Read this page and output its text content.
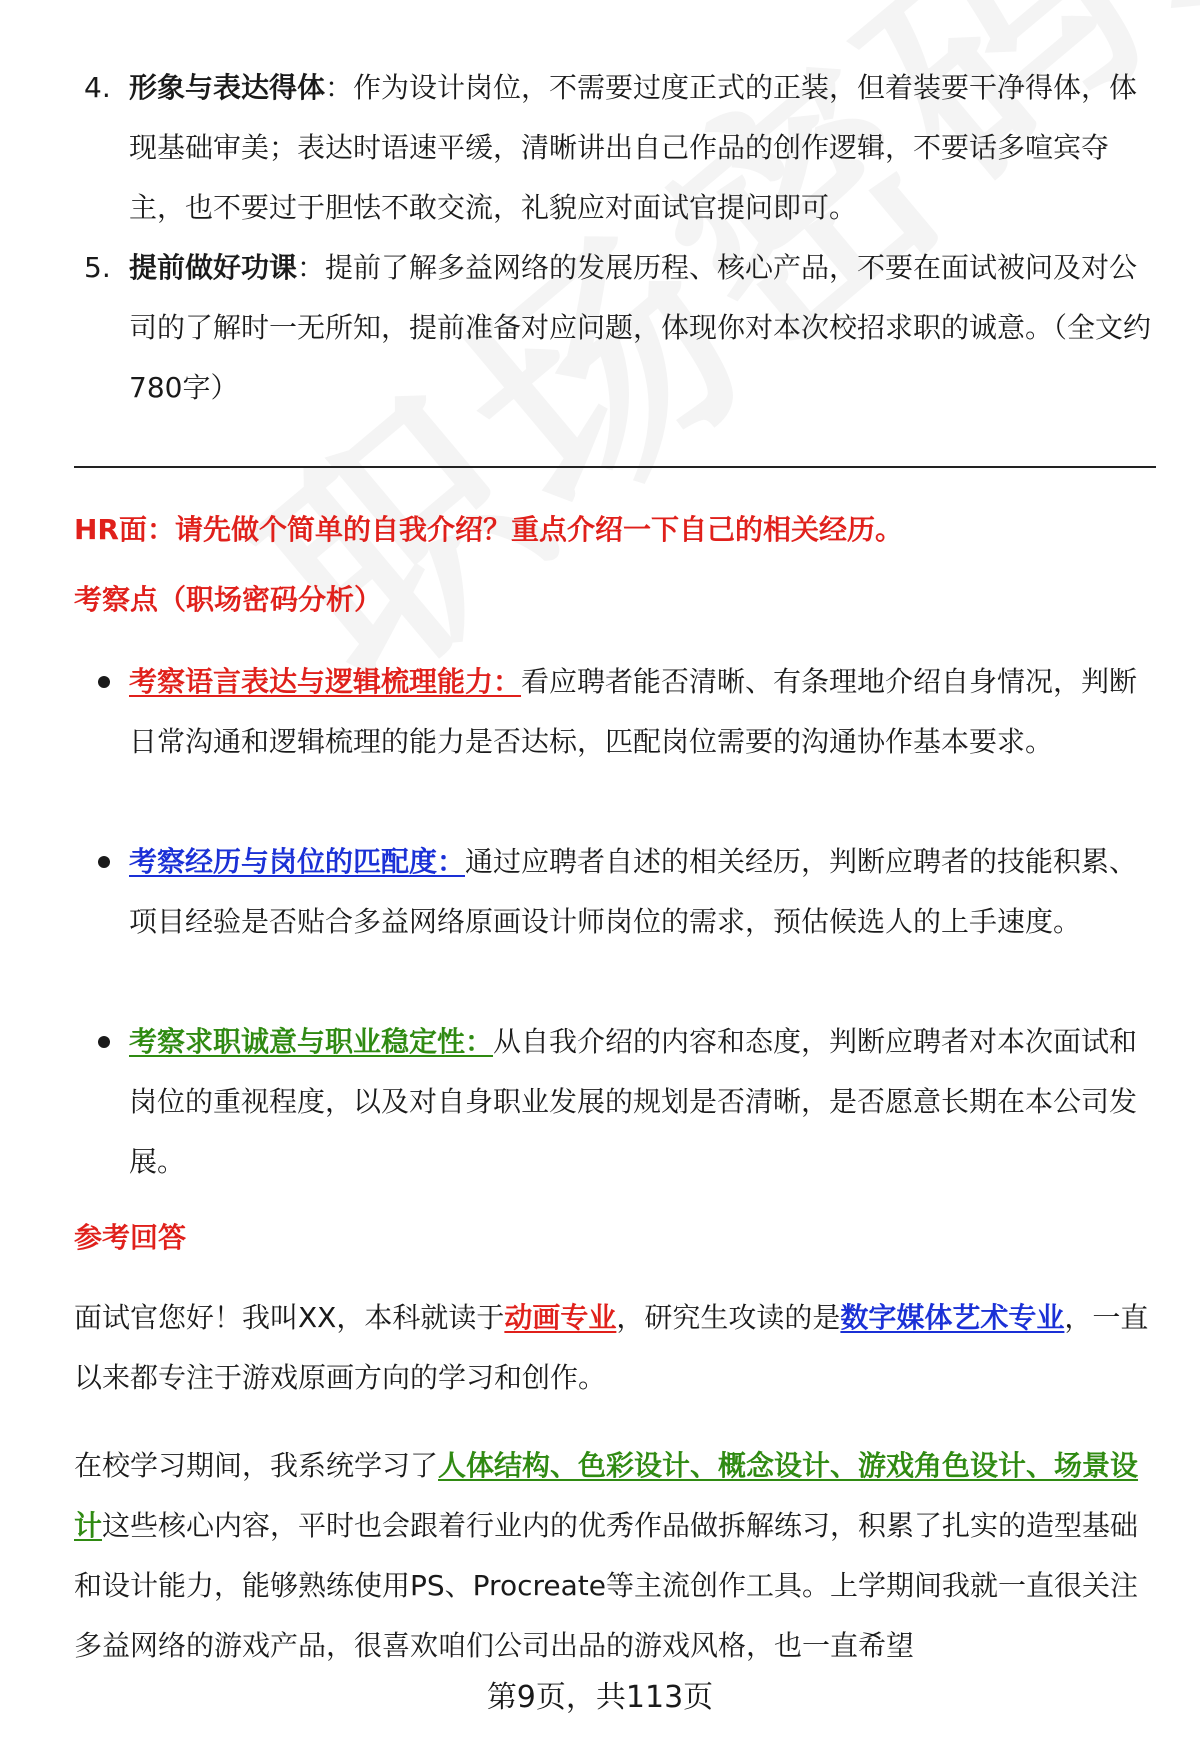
4. 形象与表达得体：作为设计岗位，不需要过度正式的正装，但着装要干净得体，体现基础审美；表达时语速平缓，清晰讲出自己作品的创作逻辑，不要话多喧宾夺主，也不要过于胆怯不敢交流，礼貌应对面试官提问即可。
5. 提前做好功课：提前了解多益网络的发展历程、核心产品，不要在面试被问及对公司的了解时一无所知，提前准备对应问题，体现你对本次校招求职的诚意。（全文约780字）
HR面：请先做个简单的自我介绍？重点介绍一下自己的相关经历。
考察点（职场密码分析）
考察语言表达与逻辑梳理能力：看应聘者能否清晰、有条理地介绍自身情况，判断日常沟通和逻辑梳理的能力是否达标，匹配岗位需要的沟通协作基本要求。
考察经历与岗位的匹配度：通过应聘者自述的相关经历，判断应聘者的技能积累、项目经验是否贴合多益网络原画设计师岗位的需求，预估候选人的上手速度。
考察求职诚意与职业稳定性：从自我介绍的内容和态度，判断应聘者对本次面试和岗位的重视程度，以及对自身职业发展的规划是否清晰，是否愿意长期在本公司发展。
参考回答

面试官您好！我叫XX，本科就读于动画专业，研究生攻读的是数字媒体艺术专业，一直以来都专注于游戏原画方向的学习和创作。

在校学习期间，我系统学习了人体结构、色彩设计、概念设计、游戏角色设计、场景设计这些核心内容，平时也会跟着行业内的优秀作品做拆解练习，积累了扎实的造型基础和设计能力，能够熟练使用PS、Procreate等主流创作工具。上学期间我就一直很关注多益网络的游戏产品，很喜欢咱们公司出品的游戏风格，也一直希望

第9页，共113页
